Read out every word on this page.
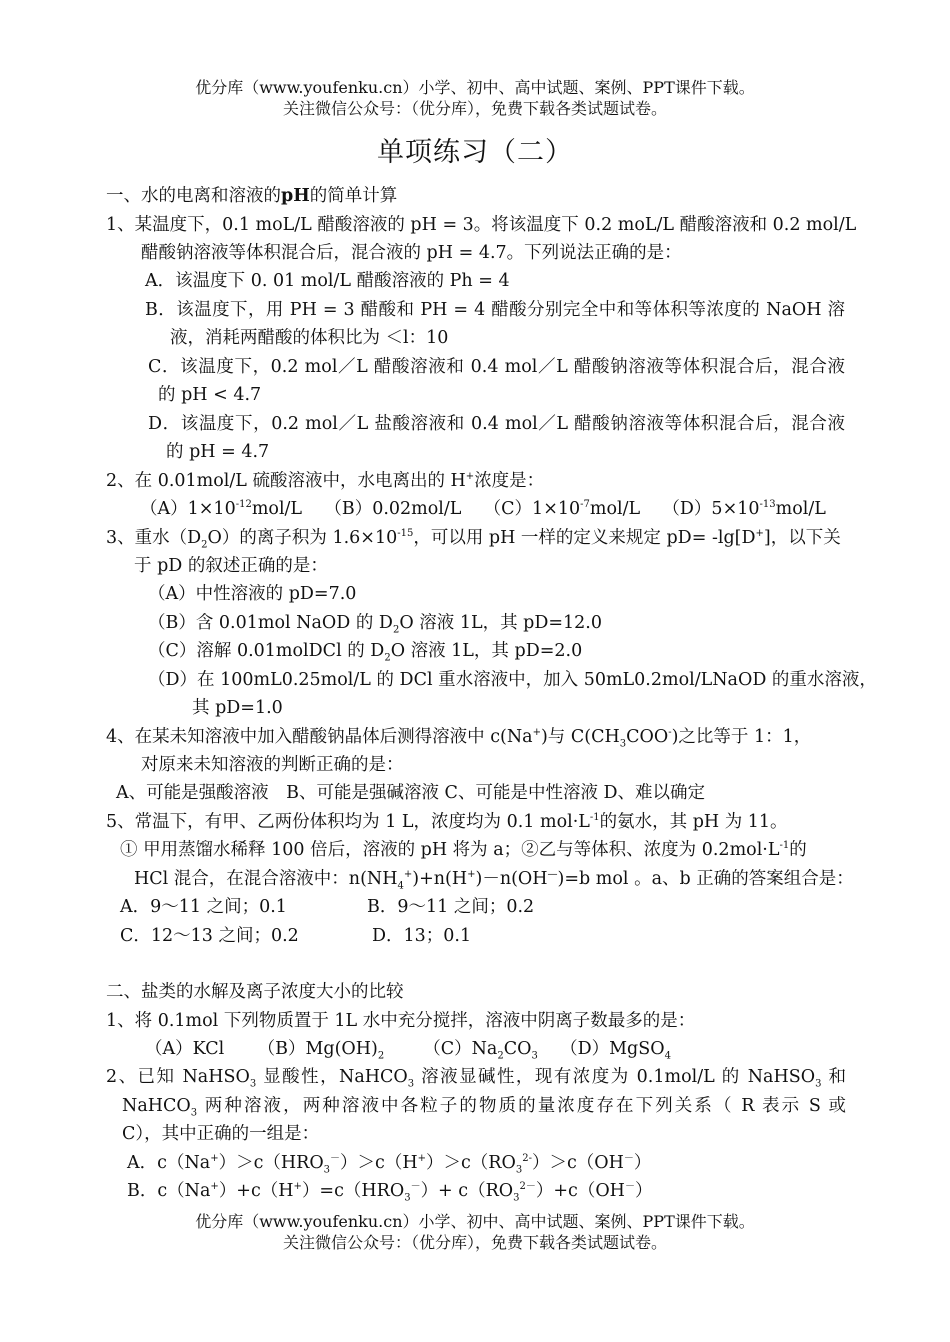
优分库（www.youfenku.cn）小学、初中、高中试题、案例、PPT课件下载。
关注微信公众号：（优分库），免费下载各类试题试卷。
单项练习（二）
一、水的电离和溶液的pH的简单计算
1、某温度下，0.1 moL/L 醋酸溶液的 pH = 3。将该温度下 0.2 moL/L 醋酸溶液和 0.2 mol/L
醋酸钠溶液等体积混合后，混合液的 pH = 4.7。下列说法正确的是：
A．该温度下 0. 01 mol/L 醋酸溶液的 Ph = 4
B．该温度下，用 PH = 3 醋酸和 PH = 4 醋酸分别完全中和等体积等浓度的 NaOH 溶
液，消耗两醋酸的体积比为 ＜l：10
C．该温度下，0.2 mol／L 醋酸溶液和 0.4 mol／L 醋酸钠溶液等体积混合后，混合液
的 pH < 4.7
D．该温度下，0.2 mol／L 盐酸溶液和 0.4 mol／L 醋酸钠溶液等体积混合后，混合液
的 pH = 4.7
2、在 0.01mol/L 硫酸溶液中，水电离出的 H+浓度是：
$(A)1\times 10^{-12}mol/L$ （B）0.02mol/L $(C)1\times 10^{-7}mol/L$ $(D)5\times 10^{-13}mol/L$
3、重水$(D_2O)$的离子积为 $1.6\times 10^{-15}$，可以用 pH 一样的定义来规定 pD= -lg[D+]，以下关
于 pD 的叙述正确的是：
（A）中性溶液的 pD=7.0
（B）含 0.01mol NaOD 的 $D_2O$ 溶液 1L，其 pD=12.0
（C）溶解 0.01molDCl 的 $D_2O$ 溶液 1L，其 pD=2.0
（D）在 100mL0.25mol/L 的 DCl 重水溶液中，加入 50mL0.2mol/LNaOD 的重水溶液，
其 pD=1.0
4、在某未知溶液中加入醋酸钠晶体后测得溶液中 c(Na+)与 $C(CH_3COO^-)$之比等于 1：1，
对原来未知溶液的判断正确的是：
A、可能是强酸溶液　B、可能是强碱溶液 C、可能是中性溶液 D、难以确定
5、常温下，有甲、乙两份体积均为 1 L，浓度均为 0.1 $mol\cdot L^{-1}$的氨水，其 pH 为 11。
① 甲用蒸馏水稀释 100 倍后，溶液的 pH 将为 a；②乙与等体积、浓度为 $0.2mol\cdot L^{-1}$的
HCl 混合，在混合溶液中：$n(NH_4^+)+n(H^+)-n(OH^—)=b$ mol 。a、b 正确的答案组合是：
A．9～11 之间；0.1	B．9～11 之间；0.2
C．12～13 之间；0.2	D．13；0.1
二、盐类的水解及离子浓度大小的比较
1、将 0.1mol 下列物质置于 1L 水中充分搅拌，溶液中阴离子数最多的是：
（A）KCl $(B)Mg(OH)_2$ $(C)Na_2CO_3$ （D）MgSO$_4$
2、已知 NaHSO$_3$ 显酸性，NaHCO$_3$ 溶液显碱性，现有浓度为 0.1mol/L 的 NaHSO$_3$ 和
NaHCO$_3$ 两种溶液，两种溶液中各粒子的物质的量浓度存在下列关系（ R 表示 S 或
C），其中正确的一组是：
A．$c(Na^+)>c(HRO_3^-)>c(H^+)>c(RO_3^{2-})>c(OH^-)$
B．$c(Na^+)+c(H^+)=c(HRO_3^-)+ c(RO_3^{2-})+c(OH^-)$
优分库（www.youfenku.cn）小学、初中、高中试题、案例、PPT课件下载。
关注微信公众号：（优分库），免费下载各类试题试卷。
